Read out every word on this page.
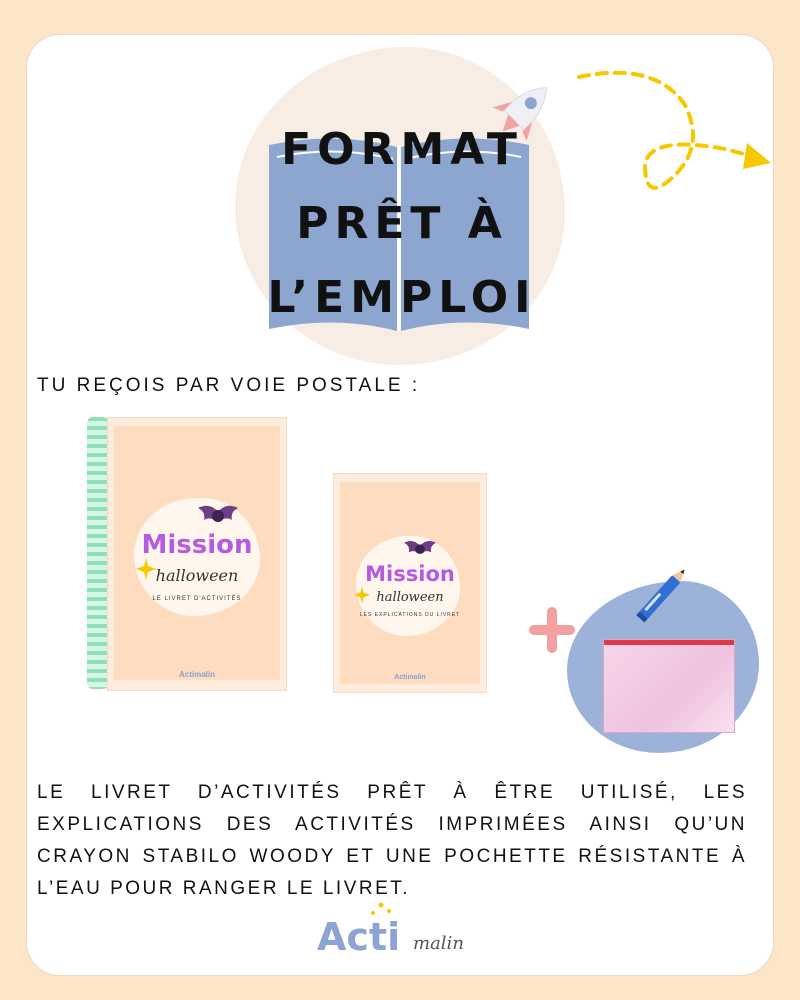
FORMAT
PRÊT À
L’EMPLOI

TU REÇOIS PAR VOIE POSTALE :

Mission
halloween
LE LIVRET D'ACTIVITÉS
Actimalin
Mission
halloween
LES EXPLICATIONS DU LIVRET
Actimalin

LE LIVRET D’ACTIVITÉS PRÊT À ÊTRE UTILISÉ, LES EXPLICATIONS DES ACTIVITÉS IMPRIMÉES AINSI QU’UN CRAYON STABILO WOODY ET UNE POCHETTE RÉSISTANTE À L’EAU POUR RANGER LE LIVRET.

Acti malin
